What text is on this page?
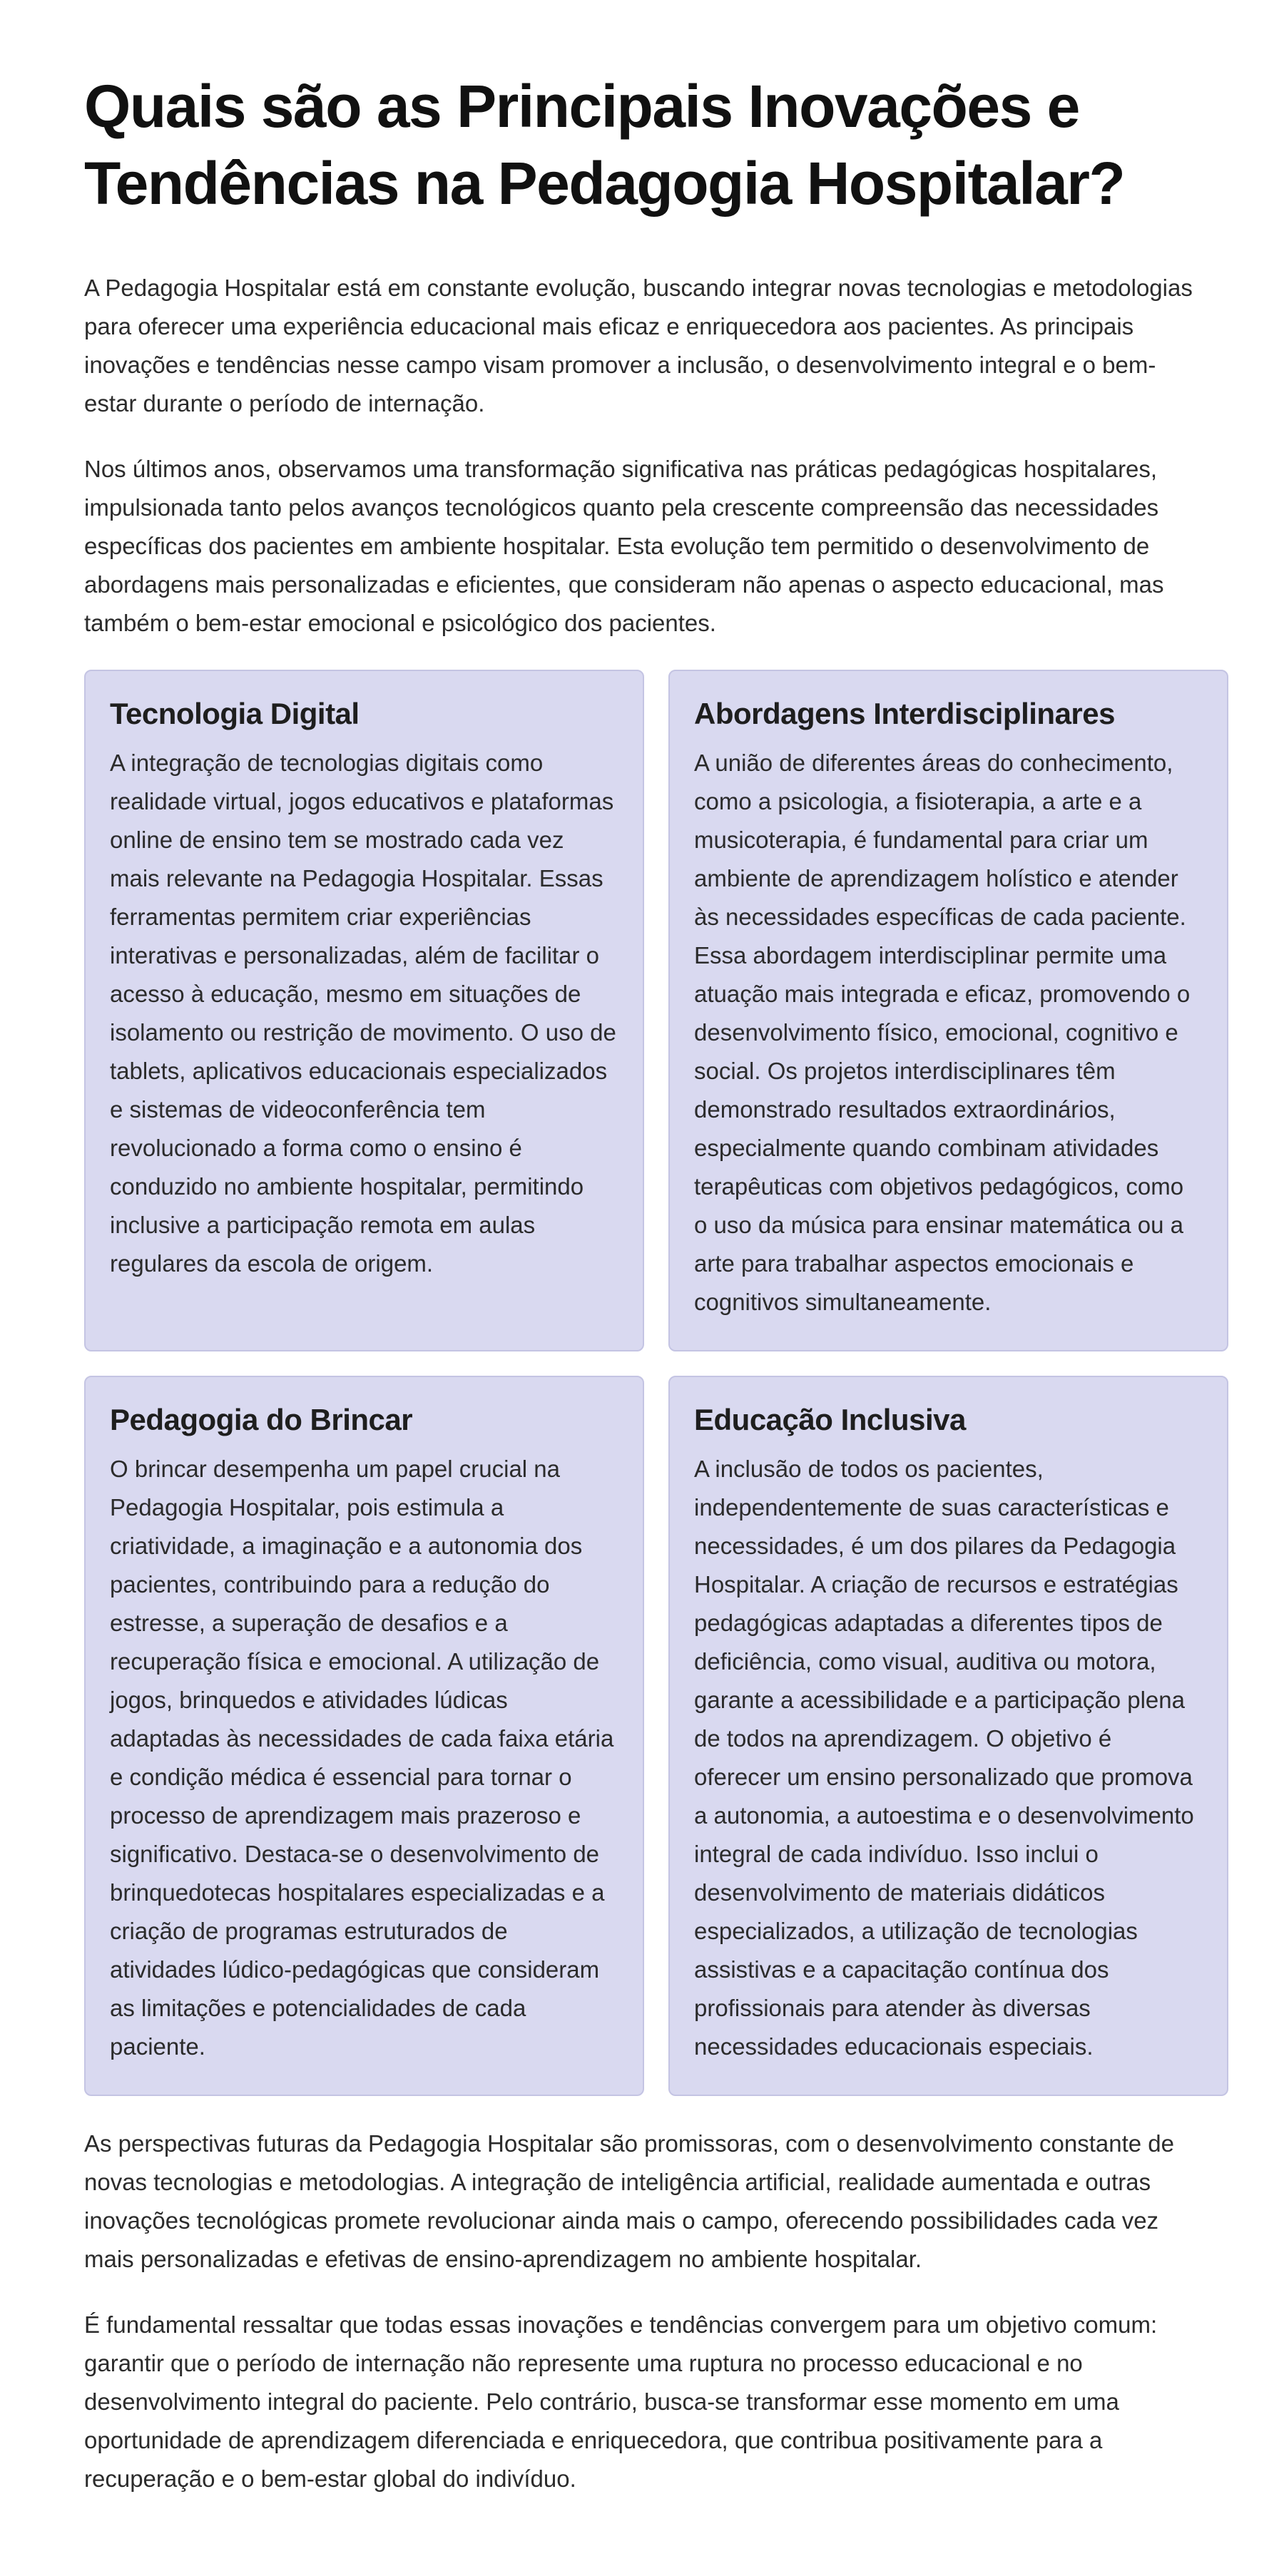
Quais são as Principais Inovações e Tendências na Pedagogia Hospitalar?

A Pedagogia Hospitalar está em constante evolução, buscando integrar novas tecnologias e metodologias para oferecer uma experiência educacional mais eficaz e enriquecedora aos pacientes. As principais inovações e tendências nesse campo visam promover a inclusão, o desenvolvimento integral e o bem-estar durante o período de internação.

Nos últimos anos, observamos uma transformação significativa nas práticas pedagógicas hospitalares, impulsionada tanto pelos avanços tecnológicos quanto pela crescente compreensão das necessidades específicas dos pacientes em ambiente hospitalar. Esta evolução tem permitido o desenvolvimento de abordagens mais personalizadas e eficientes, que consideram não apenas o aspecto educacional, mas também o bem-estar emocional e psicológico dos pacientes.

Tecnologia Digital

A integração de tecnologias digitais como realidade virtual, jogos educativos e plataformas online de ensino tem se mostrado cada vez mais relevante na Pedagogia Hospitalar. Essas ferramentas permitem criar experiências interativas e personalizadas, além de facilitar o acesso à educação, mesmo em situações de isolamento ou restrição de movimento. O uso de tablets, aplicativos educacionais especializados e sistemas de videoconferência tem revolucionado a forma como o ensino é conduzido no ambiente hospitalar, permitindo inclusive a participação remota em aulas regulares da escola de origem.

Abordagens Interdisciplinares

A união de diferentes áreas do conhecimento, como a psicologia, a fisioterapia, a arte e a musicoterapia, é fundamental para criar um ambiente de aprendizagem holístico e atender às necessidades específicas de cada paciente. Essa abordagem interdisciplinar permite uma atuação mais integrada e eficaz, promovendo o desenvolvimento físico, emocional, cognitivo e social. Os projetos interdisciplinares têm demonstrado resultados extraordinários, especialmente quando combinam atividades terapêuticas com objetivos pedagógicos, como o uso da música para ensinar matemática ou a arte para trabalhar aspectos emocionais e cognitivos simultaneamente.

Pedagogia do Brincar

O brincar desempenha um papel crucial na Pedagogia Hospitalar, pois estimula a criatividade, a imaginação e a autonomia dos pacientes, contribuindo para a redução do estresse, a superação de desafios e a recuperação física e emocional. A utilização de jogos, brinquedos e atividades lúdicas adaptadas às necessidades de cada faixa etária e condição médica é essencial para tornar o processo de aprendizagem mais prazeroso e significativo. Destaca-se o desenvolvimento de brinquedotecas hospitalares especializadas e a criação de programas estruturados de atividades lúdico-pedagógicas que consideram as limitações e potencialidades de cada paciente.

Educação Inclusiva

A inclusão de todos os pacientes, independentemente de suas características e necessidades, é um dos pilares da Pedagogia Hospitalar. A criação de recursos e estratégias pedagógicas adaptadas a diferentes tipos de deficiência, como visual, auditiva ou motora, garante a acessibilidade e a participação plena de todos na aprendizagem. O objetivo é oferecer um ensino personalizado que promova a autonomia, a autoestima e o desenvolvimento integral de cada indivíduo. Isso inclui o desenvolvimento de materiais didáticos especializados, a utilização de tecnologias assistivas e a capacitação contínua dos profissionais para atender às diversas necessidades educacionais especiais.

As perspectivas futuras da Pedagogia Hospitalar são promissoras, com o desenvolvimento constante de novas tecnologias e metodologias. A integração de inteligência artificial, realidade aumentada e outras inovações tecnológicas promete revolucionar ainda mais o campo, oferecendo possibilidades cada vez mais personalizadas e efetivas de ensino-aprendizagem no ambiente hospitalar.

É fundamental ressaltar que todas essas inovações e tendências convergem para um objetivo comum: garantir que o período de internação não represente uma ruptura no processo educacional e no desenvolvimento integral do paciente. Pelo contrário, busca-se transformar esse momento em uma oportunidade de aprendizagem diferenciada e enriquecedora, que contribua positivamente para a recuperação e o bem-estar global do indivíduo.
